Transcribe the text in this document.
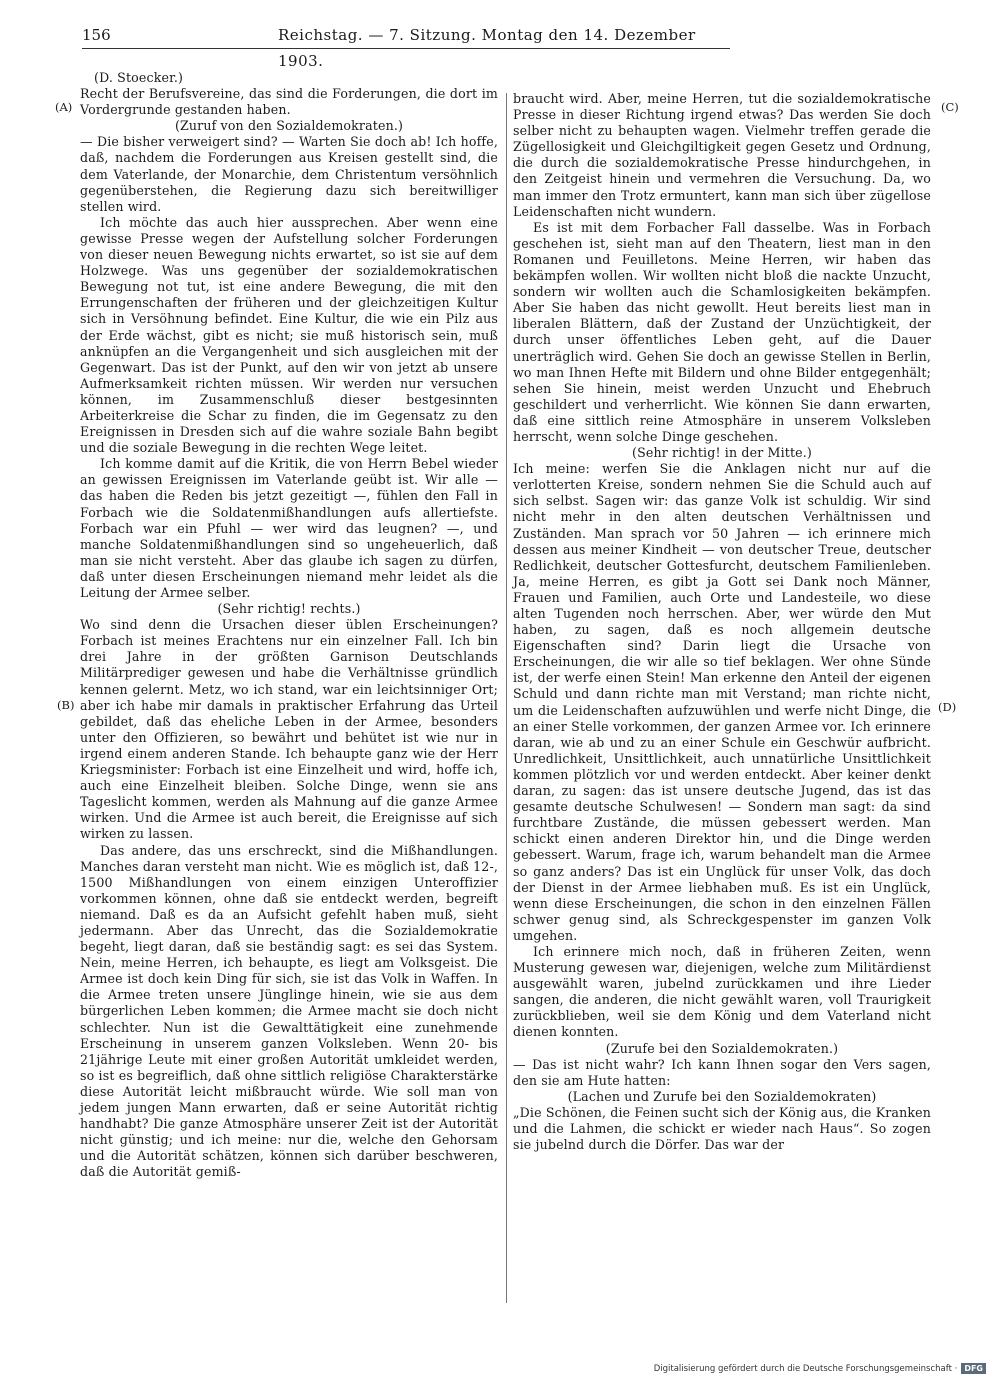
156	Reichstag. — 7. Sitzung. Montag den 14. Dezember 1903.
(A)
(B)
(C)
(D)

(D. Stoecker.)

Recht der Berufsvereine, das sind die Forderungen, die dort im Vordergrunde gestanden haben.

(Zuruf von den Sozialdemokraten.)

— Die bisher verweigert sind? — Warten Sie doch ab! Ich hoffe, daß, nachdem die Forderungen aus Kreisen gestellt sind, die dem Vaterlande, der Monarchie, dem Christentum versöhnlich gegenüberstehen, die Regierung dazu sich bereitwilliger stellen wird.

Ich möchte das auch hier aussprechen. Aber wenn eine gewisse Presse wegen der Aufstellung solcher Forderungen von dieser neuen Bewegung nichts erwartet, so ist sie auf dem Holzwege. Was uns gegenüber der sozialdemokratischen Bewegung not tut, ist eine andere Bewegung, die mit den Errungenschaften der früheren und der gleichzeitigen Kultur sich in Versöhnung befindet. Eine Kultur, die wie ein Pilz aus der Erde wächst, gibt es nicht; sie muß historisch sein, muß anknüpfen an die Vergangenheit und sich ausgleichen mit der Gegenwart. Das ist der Punkt, auf den wir von jetzt ab unsere Aufmerksamkeit richten müssen. Wir werden nur versuchen können, im Zusammenschluß dieser bestgesinnten Arbeiterkreise die Schar zu finden, die im Gegensatz zu den Ereignissen in Dresden sich auf die wahre soziale Bahn begibt und die soziale Bewegung in die rechten Wege leitet.

Ich komme damit auf die Kritik, die von Herrn Bebel wieder an gewissen Ereignissen im Vaterlande geübt ist. Wir alle — das haben die Reden bis jetzt gezeitigt —, fühlen den Fall in Forbach wie die Soldatenmißhandlungen aufs allertiefste. Forbach war ein Pfuhl — wer wird das leugnen? —, und manche Soldatenmißhandlungen sind so ungeheuerlich, daß man sie nicht versteht. Aber das glaube ich sagen zu dürfen, daß unter diesen Erscheinungen niemand mehr leidet als die Leitung der Armee selber.

(Sehr richtig! rechts.)

Wo sind denn die Ursachen dieser üblen Erscheinungen? Forbach ist meines Erachtens nur ein einzelner Fall. Ich bin drei Jahre in der größten Garnison Deutschlands Militärprediger gewesen und habe die Verhältnisse gründlich kennen gelernt. Metz, wo ich stand, war ein leichtsinniger Ort; aber ich habe mir damals in praktischer Erfahrung das Urteil gebildet, daß das eheliche Leben in der Armee, besonders unter den Offizieren, so bewährt und behütet ist wie nur in irgend einem anderen Stande. Ich behaupte ganz wie der Herr Kriegsminister: Forbach ist eine Einzelheit und wird, hoffe ich, auch eine Einzelheit bleiben. Solche Dinge, wenn sie ans Tageslicht kommen, werden als Mahnung auf die ganze Armee wirken. Und die Armee ist auch bereit, die Ereignisse auf sich wirken zu lassen.

Das andere, das uns erschreckt, sind die Mißhandlungen. Manches daran versteht man nicht. Wie es möglich ist, daß 12-, 1500 Mißhandlungen von einem einzigen Unteroffizier vorkommen können, ohne daß sie entdeckt werden, begreift niemand. Daß es da an Aufsicht gefehlt haben muß, sieht jedermann. Aber das Unrecht, das die Sozialdemokratie begeht, liegt daran, daß sie beständig sagt: es sei das System. Nein, meine Herren, ich behaupte, es liegt am Volksgeist. Die Armee ist doch kein Ding für sich, sie ist das Volk in Waffen. In die Armee treten unsere Jünglinge hinein, wie sie aus dem bürgerlichen Leben kommen; die Armee macht sie doch nicht schlechter. Nun ist die Gewalttätigkeit eine zunehmende Erscheinung in unserem ganzen Volksleben. Wenn 20- bis 21jährige Leute mit einer großen Autorität umkleidet werden, so ist es begreiflich, daß ohne sittlich religiöse Charakterstärke diese Autorität leicht mißbraucht würde. Wie soll man von jedem jungen Mann erwarten, daß er seine Autorität richtig handhabt? Die ganze Atmosphäre unserer Zeit ist der Autorität nicht günstig; und ich meine: nur die, welche den Gehorsam und die Autorität schätzen, können sich darüber beschweren, daß die Autorität gemiß-

braucht wird. Aber, meine Herren, tut die sozialdemokratische Presse in dieser Richtung irgend etwas? Das werden Sie doch selber nicht zu behaupten wagen. Vielmehr treffen gerade die Zügellosigkeit und Gleichgiltigkeit gegen Gesetz und Ordnung, die durch die sozialdemokratische Presse hindurchgehen, in den Zeitgeist hinein und vermehren die Versuchung. Da, wo man immer den Trotz ermuntert, kann man sich über zügellose Leidenschaften nicht wundern.

Es ist mit dem Forbacher Fall dasselbe. Was in Forbach geschehen ist, sieht man auf den Theatern, liest man in den Romanen und Feuilletons. Meine Herren, wir haben das bekämpfen wollen. Wir wollten nicht bloß die nackte Unzucht, sondern wir wollten auch die Schamlosigkeiten bekämpfen. Aber Sie haben das nicht gewollt. Heut bereits liest man in liberalen Blättern, daß der Zustand der Unzüchtigkeit, der durch unser öffentliches Leben geht, auf die Dauer unerträglich wird. Gehen Sie doch an gewisse Stellen in Berlin, wo man Ihnen Hefte mit Bildern und ohne Bilder entgegenhält; sehen Sie hinein, meist werden Unzucht und Ehebruch geschildert und verherrlicht. Wie können Sie dann erwarten, daß eine sittlich reine Atmosphäre in unserem Volksleben herrscht, wenn solche Dinge geschehen.

(Sehr richtig! in der Mitte.)

Ich meine: werfen Sie die Anklagen nicht nur auf die verlotterten Kreise, sondern nehmen Sie die Schuld auch auf sich selbst. Sagen wir: das ganze Volk ist schuldig. Wir sind nicht mehr in den alten deutschen Verhältnissen und Zuständen. Man sprach vor 50 Jahren — ich erinnere mich dessen aus meiner Kindheit — von deutscher Treue, deutscher Redlichkeit, deutscher Gottesfurcht, deutschem Familienleben. Ja, meine Herren, es gibt ja Gott sei Dank noch Männer, Frauen und Familien, auch Orte und Landesteile, wo diese alten Tugenden noch herrschen. Aber, wer würde den Mut haben, zu sagen, daß es noch allgemein deutsche Eigenschaften sind? Darin liegt die Ursache von Erscheinungen, die wir alle so tief beklagen. Wer ohne Sünde ist, der werfe einen Stein! Man erkenne den Anteil der eigenen Schuld und dann richte man mit Verstand; man richte nicht, um die Leidenschaften aufzuwühlen und werfe nicht Dinge, die an einer Stelle vorkommen, der ganzen Armee vor. Ich erinnere daran, wie ab und zu an einer Schule ein Geschwür aufbricht. Unredlichkeit, Unsittlichkeit, auch unnatürliche Unsittlichkeit kommen plötzlich vor und werden entdeckt. Aber keiner denkt daran, zu sagen: das ist unsere deutsche Jugend, das ist das gesamte deutsche Schulwesen! — Sondern man sagt: da sind furchtbare Zustände, die müssen gebessert werden. Man schickt einen anderen Direktor hin, und die Dinge werden gebessert. Warum, frage ich, warum behandelt man die Armee so ganz anders? Das ist ein Unglück für unser Volk, das doch der Dienst in der Armee liebhaben muß. Es ist ein Unglück, wenn diese Erscheinungen, die schon in den einzelnen Fällen schwer genug sind, als Schreckgespenster im ganzen Volk umgehen.

Ich erinnere mich noch, daß in früheren Zeiten, wenn Musterung gewesen war, diejenigen, welche zum Militärdienst ausgewählt waren, jubelnd zurückkamen und ihre Lieder sangen, die anderen, die nicht gewählt waren, voll Traurigkeit zurückblieben, weil sie dem König und dem Vaterland nicht dienen konnten.

(Zurufe bei den Sozialdemokraten.)

— Das ist nicht wahr? Ich kann Ihnen sogar den Vers sagen, den sie am Hute hatten:

(Lachen und Zurufe bei den Sozialdemokraten)

„Die Schönen, die Feinen sucht sich der König aus, die Kranken und die Lahmen, die schickt er wieder nach Haus“. So zogen sie jubelnd durch die Dörfer. Das war der

Digitalisierung gefördert durch die Deutsche Forschungsgemeinschaft · DFG
